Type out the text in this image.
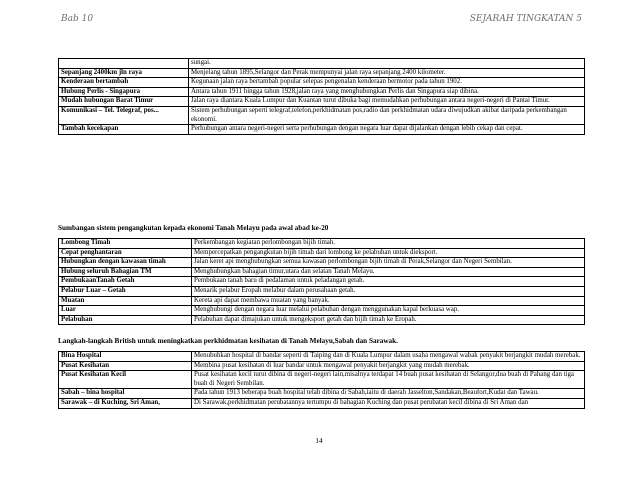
Bab 10	SEJARAH TINGKATAN 5
	sungai.
Sepanjang 2400km jln raya	Menjelang tahun 1895,Selangor dan Perak mempunyai jalan raya sepanjang 2400 kilometer.
Kenderaan bertambah	Kegunaan jalan raya bertambah popular selepas pengenalan kenderaan bermotor pada tahun 1902.
Hubung Perlis - Singapura	Antara tahun 1911 hingga tahun 1928,jalan raya yang menghubungkan Perlis dan Singapura siap dibina.
Mudah hubungan Barat Timur	Jalan raya diantara Kuala Lumpur dan Kuantan turut dibuka bagi memudahkan perhubungan antara negeri-negeri di Pantai Timur.
Komunikasi – Tel. Telegraf, pos...	Sistem perhubungan seperti telegraf,telefon,perkhidmatan pos,radio dan perkhidmatan udara diwujudkan akibat daripada perkembangan ekonomi.
Tambah kecekapan	Perhubungan antara negeri-negeri serta perhubungan dengan negara luar dapat dijalankan dengan lebih cekap dan cepat.
Sumbangan sistem pengangkutan kepada ekonomi Tanah Melayu pada awal abad ke-20
Lombong Timah	Perkembangan kegiatan perlombongan bijih timah.
Cepat penghantaran	Mempercepatkan pengangkutan bijih timah dari lombong ke pelabuhan untuk dieksport.
Hubungkan dengan kawasan timah	Jalan keret api menghubungkan semua kawasan perlombongan bijih timah di Perak,Selangor dan Negeri Sembilan.
Hubung seluruh Bahagian TM	Menghubungkan bahagian timur,utara dan selatan Tanah Melayu.
PembukaanTanah Getah	Pembukaan tanah baru di pedalaman untuk peladangan getah.
Pelabur Luar – Getah	Menarik pelabur Eropah melabur dalam perusahaan getah.
Muatan	Kereta api dapat membawa muatan yang banyak.
Luar	Menghubungi dengan negara luar melalui pelabuhan dengan menggunakan kapal berkuasa wap.
Pelabuhan	Pelabuhan dapat dimajukan untuk mengeksport getah dan bijih timah ke Eropah.
Langkah-langkah British untuk meningkatkan perkhidmatan kesihatan di Tanah Melayu,Sabah dan Sarawak.
Bina Hospital	Menubuhkan hospital di bandar seperti di Taiping dan di Kuala Lumpur dalam usaha mengawal wabak penyakit berjangkit mudah merebak.
Pusat Kesihatan	Membina pusat kesihatan di luar bandar untuk mengawal penyakit berjangkit yang mudah merebak.
Pusat Kesihatan Kecil	Pusat kesihatan kecil turut dibina di negeri-negeri lain,misalnya terdapat 14 buah pusat kesihatan di Selangor,dua buah di Pahang dan tiga buah di Negeri Sembilan.
Sabah – bina hospital	Pada tahun 1913 beberapa buah hospital telah dibina di Sabah,iaitu di daerah Jasselton,Sandakan,Beaufort,Kudat dan Tawau.
Sarawak – di Kuching, Sri Aman,	Di Sarawak,perkhidmatan perubatannya tertumpu di bahagian Kuching dan pusat perubatan kecil dibina di Sri Aman dan
14
